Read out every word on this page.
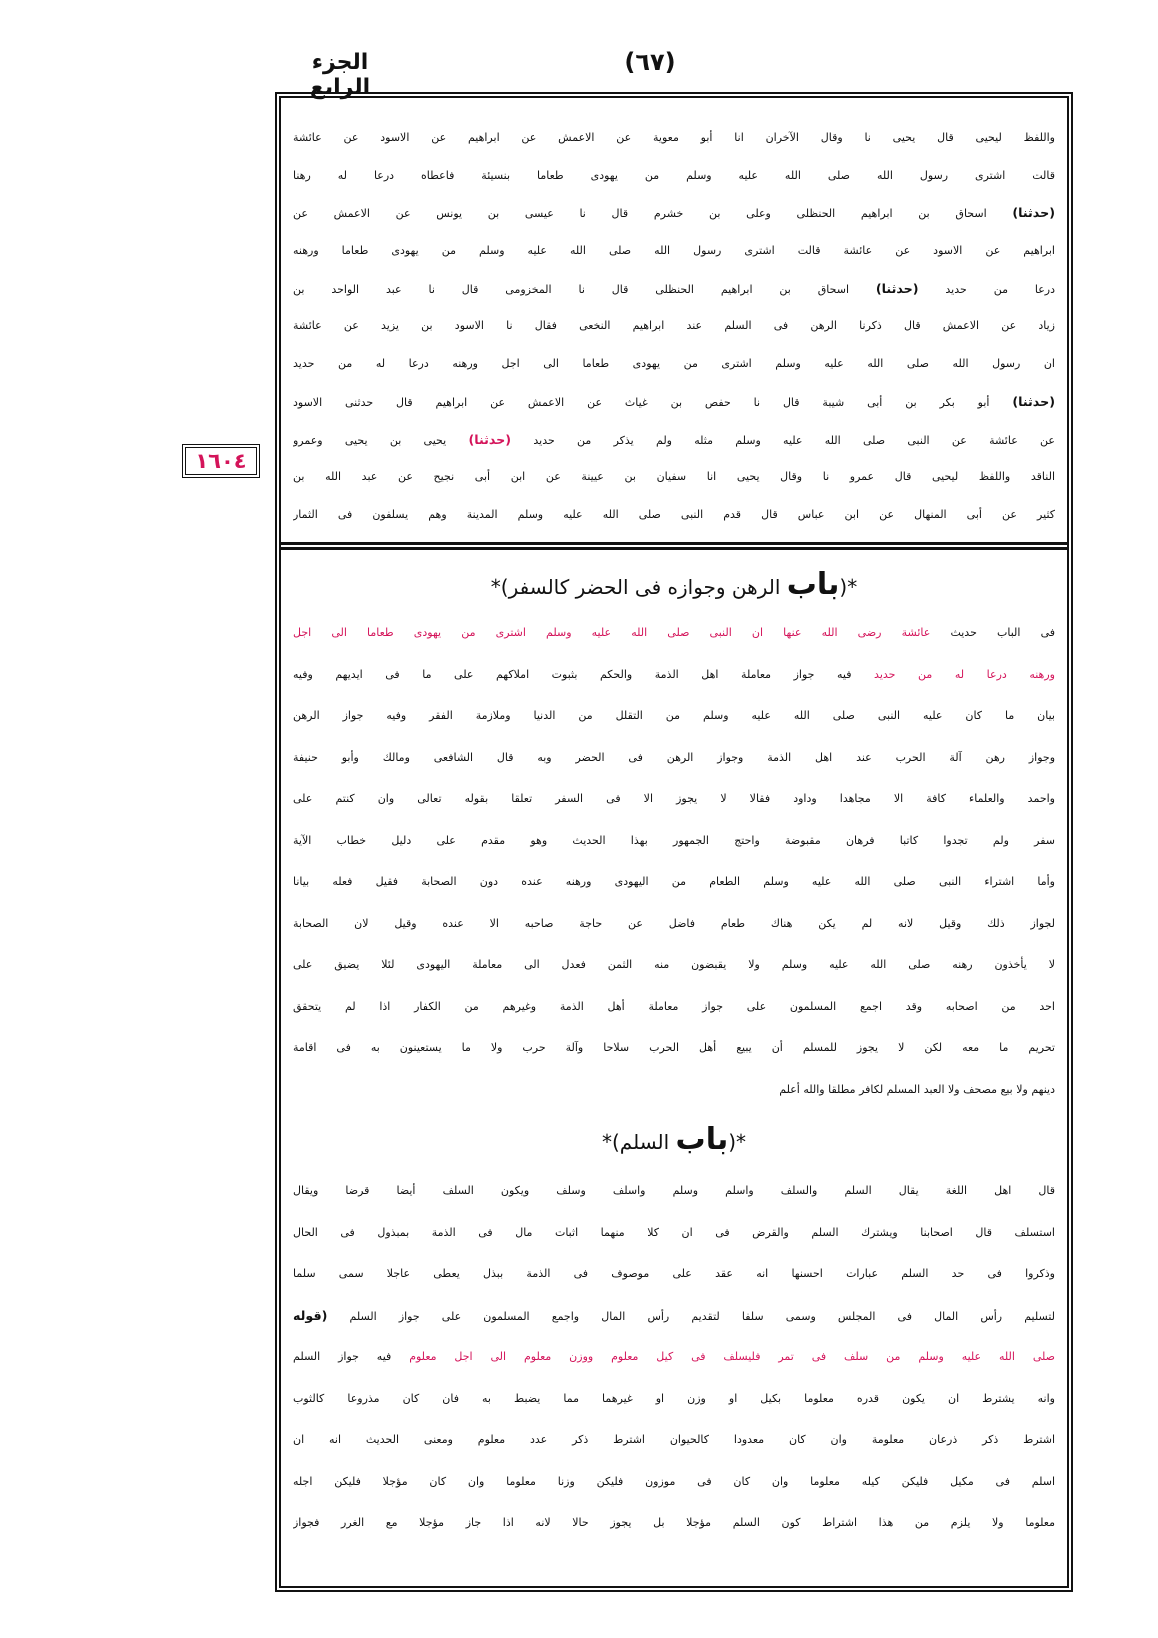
الجزء الرابع
(٦٧)
١٦٠٤
واللفظ ليحيى قال يحيى نا وقال الآخران انا أبو معوية عن الاعمش عن ابراهيم عن الاسود عن عائشة
قالت اشترى رسول الله صلى الله عليه وسلم من يهودى طعاما بنسيئة فاعطاه درعا له رهنا
(حدثنا) اسحاق بن ابراهيم الحنظلى وعلى بن خشرم قال نا عيسى بن يونس عن الاعمش عن
ابراهيم عن الاسود عن عائشة قالت اشترى رسول الله صلى الله عليه وسلم من يهودى طعاما ورهنه
درعا من حديد (حدثنا) اسحاق بن ابراهيم الحنظلى قال نا المخزومى قال نا عبد الواحد بن
زياد عن الاعمش قال ذكرنا الرهن فى السلم عند ابراهيم النخعى فقال نا الاسود بن يزيد عن عائشة
ان رسول الله صلى الله عليه وسلم اشترى من يهودى طعاما الى اجل ورهنه درعا له من حديد
(حدثنا) أبو بكر بن أبى شيبة قال نا حفص بن غياث عن الاعمش عن ابراهيم قال حدثنى الاسود
عن عائشة عن النبى صلى الله عليه وسلم مثله ولم يذكر من حديد (حدثنا) يحيى بن يحيى وعمرو
الناقد واللفظ ليحيى قال عمرو نا وقال يحيى انا سفيان بن عيينة عن ابن أبى نجيح عن عبد الله بن
كثير عن أبى المنهال عن ابن عباس قال قدم النبى صلى الله عليه وسلم المدينة وهم يسلفون فى الثمار
*(باب الرهن وجوازه فى الحضر كالسفر)*
فى الباب حديث عائشة رضى الله عنها ان النبى صلى الله عليه وسلم اشترى من يهودى طعاما الى اجل
ورهنه درعا له من حديد فيه جواز معاملة اهل الذمة والحكم بثبوت املاكهم على ما فى ايديهم وفيه
بيان ما كان عليه النبى صلى الله عليه وسلم من التقلل من الدنيا وملازمة الفقر وفيه جواز الرهن
وجواز رهن آلة الحرب عند اهل الذمة وجواز الرهن فى الحضر وبه قال الشافعى ومالك وأبو حنيفة
واحمد والعلماء كافة الا مجاهدا وداود فقالا لا يجوز الا فى السفر تعلقا بقوله تعالى وان كنتم على
سفر ولم تجدوا كاتبا فرهان مقبوضة واحتج الجمهور بهذا الحديث وهو مقدم على دليل خطاب الآية
وأما اشتراء النبى صلى الله عليه وسلم الطعام من اليهودى ورهنه عنده دون الصحابة فقيل فعله بيانا
لجواز ذلك وقيل لانه لم يكن هناك طعام فاضل عن حاجة صاحبه الا عنده وقيل لان الصحابة
لا يأخذون رهنه صلى الله عليه وسلم ولا يقبضون منه الثمن فعدل الى معاملة اليهودى لئلا يضيق على
احد من اصحابه وقد اجمع المسلمون على جواز معاملة أهل الذمة وغيرهم من الكفار اذا لم يتحقق
تحريم ما معه لكن لا يجوز للمسلم أن يبيع أهل الحرب سلاحا وآلة حرب ولا ما يستعينون به فى اقامة
دينهم ولا بيع مصحف ولا العبد المسلم لكافر مطلقا والله أعلم
*(باب السلم)*
قال اهل اللغة يقال السلم والسلف واسلم وسلم واسلف وسلف ويكون السلف أيضا قرضا ويقال
استسلف قال اصحابنا ويشترك السلم والقرض فى ان كلا منهما اثبات مال فى الذمة بمبذول فى الحال
وذكروا فى حد السلم عبارات احسنها انه عقد على موصوف فى الذمة ببذل يعطى عاجلا سمى سلما
لتسليم رأس المال فى المجلس وسمى سلفا لتقديم رأس المال واجمع المسلمون على جواز السلم (قوله
صلى الله عليه وسلم من سلف فى تمر فليسلف فى كيل معلوم ووزن معلوم الى اجل معلوم فيه جواز السلم
وانه يشترط ان يكون قدره معلوما بكيل او وزن او غيرهما مما يضبط به فان كان مذروعا كالثوب
اشترط ذكر ذرعان معلومة وان كان معدودا كالحيوان اشترط ذكر عدد معلوم ومعنى الحديث انه ان
اسلم فى مكيل فليكن كيله معلوما وان كان فى موزون فليكن وزنا معلوما وان كان مؤجلا فليكن اجله
معلوما ولا يلزم من هذا اشتراط كون السلم مؤجلا بل يجوز حالا لانه اذا جاز مؤجلا مع الغرر فجواز
